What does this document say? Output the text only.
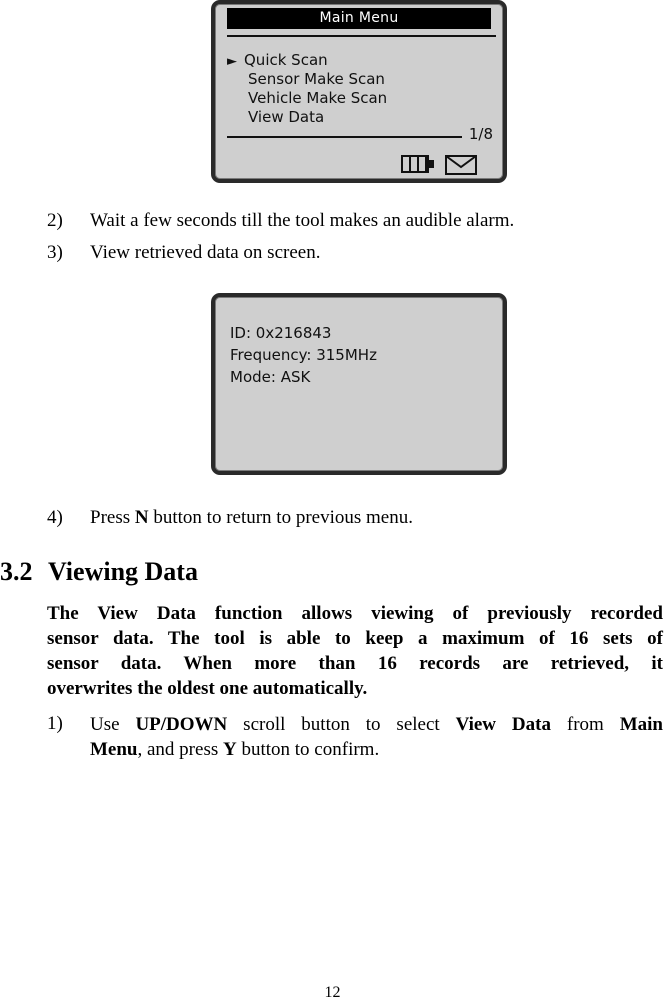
Main Menu
► Quick Scan
Sensor Make Scan
Vehicle Make Scan
View Data
1/8
2) Wait a few seconds till the tool makes an audible alarm.
3) View retrieved data on screen.
ID: 0x216843
Frequency: 315MHz
Mode: ASK
4) Press N button to return to previous menu.
3.2 Viewing Data
The View Data function allows viewing of previously recorded
sensor data. The tool is able to keep a maximum of 16 sets of
sensor data. When more than 16 records are retrieved, it
overwrites the oldest one automatically.
1) Use UP/DOWN scroll button to select View Data from Main
Menu, and press Y button to confirm.
12
